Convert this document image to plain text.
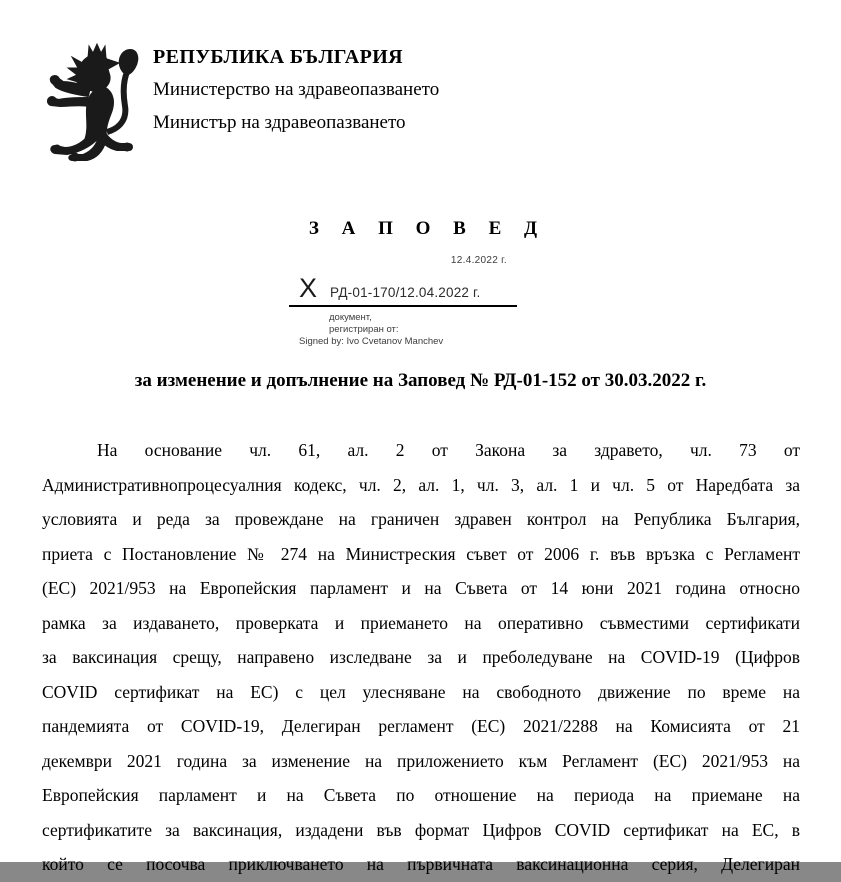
РЕПУБЛИКА БЪЛГАРИЯ
Министерство на здравеопазването
Министър на здравеопазването
З А П О В Е Д
12.4.2022 г.
X РД-01-170/12.04.2022 г.
документ,
регистриран от:
Signed by: Ivo Cvetanov Manchev
за изменение и допълнение на Заповед № РД-01-152 от 30.03.2022 г.
На основание чл. 61, ал. 2 от Закона за здравето, чл. 73 от
Административнопроцесуалния кодекс, чл. 2, ал. 1, чл. 3, ал. 1 и чл. 5 от Наредбата за
условията и реда за провеждане на граничен здравен контрол на Република България,
приета с Постановление № 274 на Министреския съвет от 2006 г. във връзка с Регламент
(ЕС) 2021/953 на Европейския парламент и на Съвета от 14 юни 2021 година относно
рамка за издаването, проверката и приемането на оперативно съвместими сертификати
за ваксинация срещу, направено изследване за и преболедуване на COVID-19 (Цифров
COVID сертификат на ЕС) с цел улесняване на свободното движение по време на
пандемията от COVID-19, Делегиран регламент (ЕС) 2021/2288 на Комисията от 21
декември 2021 година за изменение на приложението към Регламент (ЕС) 2021/953 на
Европейския парламент и на Съвета по отношение на периода на приемане на
сертификатите за ваксинация, издадени във формат Цифров COVID сертификат на ЕС, в
който се посочва приключването на първичната ваксинационна серия, Делегиран
